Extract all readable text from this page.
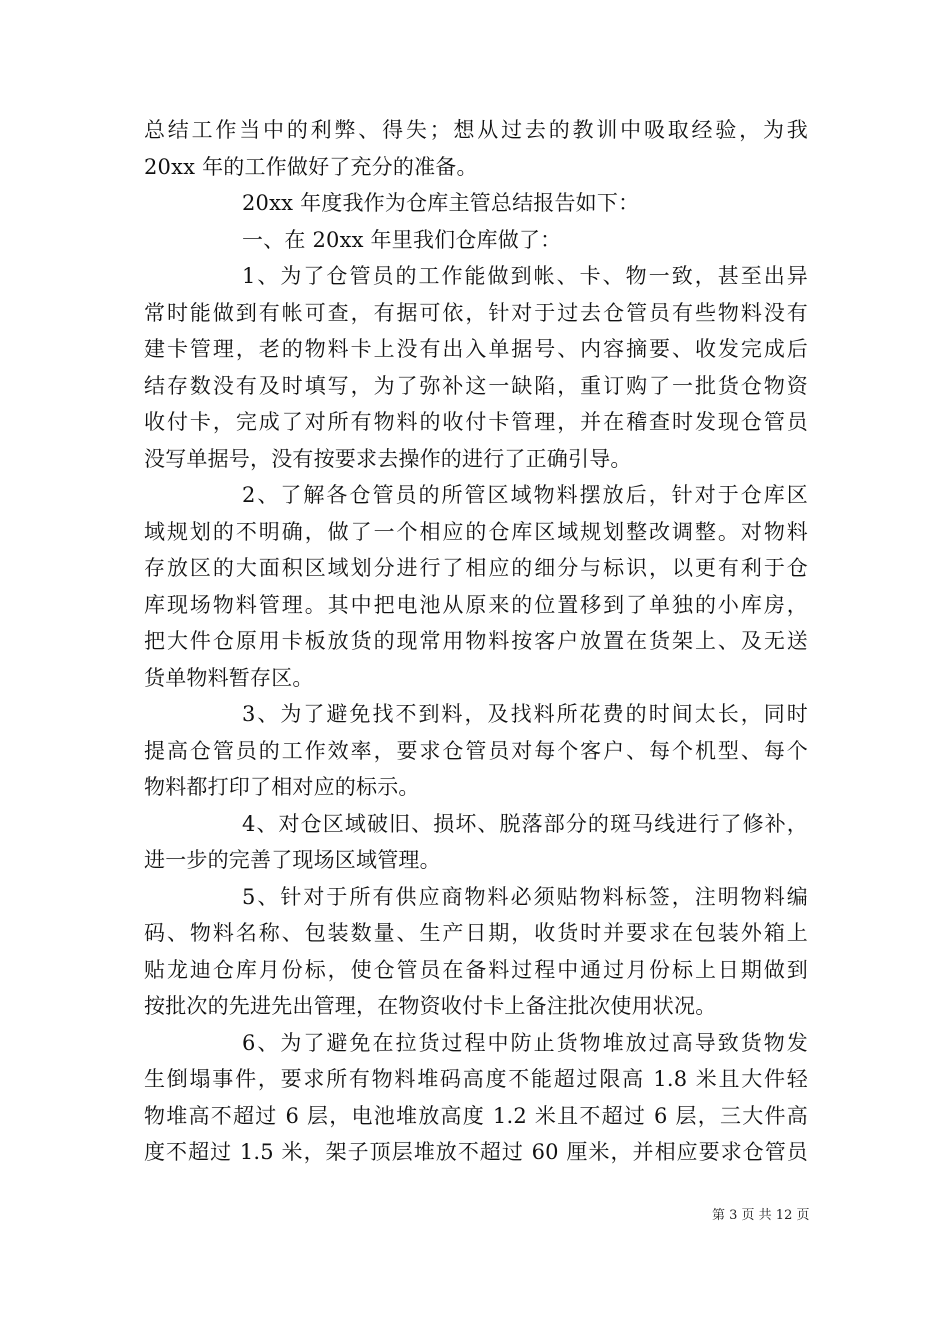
总结工作当中的利弊、得失；想从过去的教训中吸取经验，为我
20xx 年的工作做好了充分的准备。
20xx 年度我作为仓库主管总结报告如下：
一、在 20xx 年里我们仓库做了：
1、为了仓管员的工作能做到帐、卡、物一致，甚至出异
常时能做到有帐可查，有据可依，针对于过去仓管员有些物料没有
建卡管理，老的物料卡上没有出入单据号、内容摘要、收发完成后
结存数没有及时填写，为了弥补这一缺陷，重订购了一批货仓物资
收付卡，完成了对所有物料的收付卡管理，并在稽查时发现仓管员
没写单据号，没有按要求去操作的进行了正确引导。
2、了解各仓管员的所管区域物料摆放后，针对于仓库区
域规划的不明确，做了一个相应的仓库区域规划整改调整。对物料
存放区的大面积区域划分进行了相应的细分与标识，以更有利于仓
库现场物料管理。其中把电池从原来的位置移到了单独的小库房，
把大件仓原用卡板放货的现常用物料按客户放置在货架上、及无送
货单物料暂存区。
3、为了避免找不到料，及找料所花费的时间太长，同时
提高仓管员的工作效率，要求仓管员对每个客户、每个机型、每个
物料都打印了相对应的标示。
4、对仓区域破旧、损坏、脱落部分的斑马线进行了修补，
进一步的完善了现场区域管理。
5、针对于所有供应商物料必须贴物料标签，注明物料编
码、物料名称、包装数量、生产日期，收货时并要求在包装外箱上
贴龙迪仓库月份标，使仓管员在备料过程中通过月份标上日期做到
按批次的先进先出管理，在物资收付卡上备注批次使用状况。
6、为了避免在拉货过程中防止货物堆放过高导致货物发
生倒塌事件，要求所有物料堆码高度不能超过限高 1.8 米且大件轻
物堆高不超过 6 层，电池堆放高度 1.2 米且不超过 6 层，三大件高
度不超过 1.5 米，架子顶层堆放不超过 60 厘米，并相应要求仓管员
第 3 页 共 12 页
